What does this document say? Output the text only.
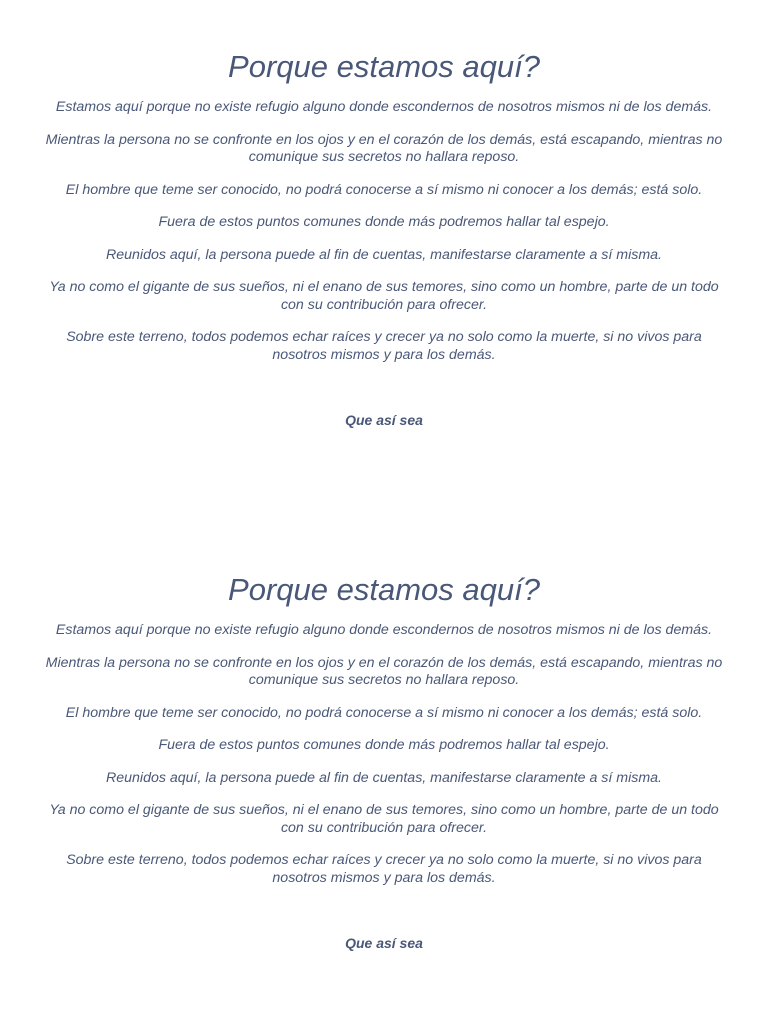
Porque estamos aquí?

Estamos aquí porque no existe refugio alguno donde escondernos de nosotros mismos ni de los demás.

Mientras la persona no se confronte en los ojos y en el corazón de los demás, está escapando, mientras no comunique sus secretos no hallara reposo.

El hombre que teme ser conocido, no podrá conocerse a sí mismo ni conocer a los demás; está solo.

Fuera de estos puntos comunes donde más podremos hallar tal espejo.

Reunidos aquí, la persona puede al fin de cuentas, manifestarse claramente a sí misma.

Ya no como el gigante de sus sueños, ni el enano de sus temores, sino como un hombre, parte de un todo con su contribución para ofrecer.

Sobre este terreno, todos podemos echar raíces y crecer ya no solo como la muerte, si no vivos para nosotros mismos y para los demás.

Que así sea

Porque estamos aquí?

Estamos aquí porque no existe refugio alguno donde escondernos de nosotros mismos ni de los demás.

Mientras la persona no se confronte en los ojos y en el corazón de los demás, está escapando, mientras no comunique sus secretos no hallara reposo.

El hombre que teme ser conocido, no podrá conocerse a sí mismo ni conocer a los demás; está solo.

Fuera de estos puntos comunes donde más podremos hallar tal espejo.

Reunidos aquí, la persona puede al fin de cuentas, manifestarse claramente a sí misma.

Ya no como el gigante de sus sueños, ni el enano de sus temores, sino como un hombre, parte de un todo con su contribución para ofrecer.

Sobre este terreno, todos podemos echar raíces y crecer ya no solo como la muerte, si no vivos para nosotros mismos y para los demás.

Que así sea
